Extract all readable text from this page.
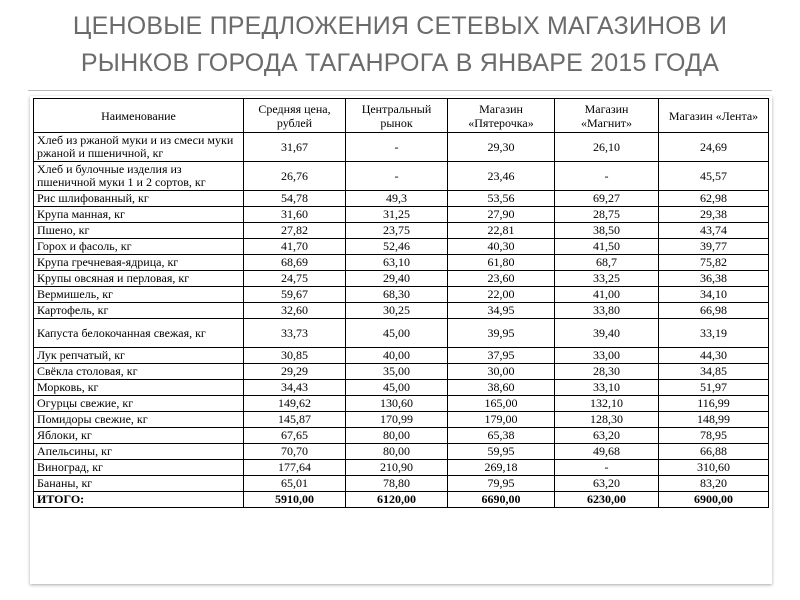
ЦЕНОВЫЕ ПРЕДЛОЖЕНИЯ СЕТЕВЫХ МАГАЗИНОВ И
РЫНКОВ ГОРОДА ТАГАНРОГА В ЯНВАРЕ 2015 ГОДА
Наименование	Средняя цена, рублей	Центральный рынок	Магазин «Пятерочка»	Магазин «Магнит»	Магазин «Лента»
Хлеб из ржаной муки и из смеси муки ржаной и пшеничной, кг	31,67	-	29,30	26,10	24,69
Хлеб и булочные изделия из пшеничной муки 1 и 2 сортов, кг	26,76	-	23,46	-	45,57
Рис шлифованный, кг	54,78	49,3	53,56	69,27	62,98
Крупа манная, кг	31,60	31,25	27,90	28,75	29,38
Пшено, кг	27,82	23,75	22,81	38,50	43,74
Горох и фасоль, кг	41,70	52,46	40,30	41,50	39,77
Крупа гречневая-ядрица, кг	68,69	63,10	61,80	68,7	75,82
Крупы овсяная и перловая, кг	24,75	29,40	23,60	33,25	36,38
Вермишель, кг	59,67	68,30	22,00	41,00	34,10
Картофель, кг	32,60	30,25	34,95	33,80	66,98
Капуста белокочанная свежая, кг	33,73	45,00	39,95	39,40	33,19
Лук репчатый, кг	30,85	40,00	37,95	33,00	44,30
Свёкла столовая, кг	29,29	35,00	30,00	28,30	34,85
Морковь, кг	34,43	45,00	38,60	33,10	51,97
Огурцы свежие, кг	149,62	130,60	165,00	132,10	116,99
Помидоры свежие, кг	145,87	170,99	179,00	128,30	148,99
Яблоки, кг	67,65	80,00	65,38	63,20	78,95
Апельсины, кг	70,70	80,00	59,95	49,68	66,88
Виноград, кг	177,64	210,90	269,18	-	310,60
Бананы, кг	65,01	78,80	79,95	63,20	83,20
ИТОГО:	5910,00	6120,00	6690,00	6230,00	6900,00
